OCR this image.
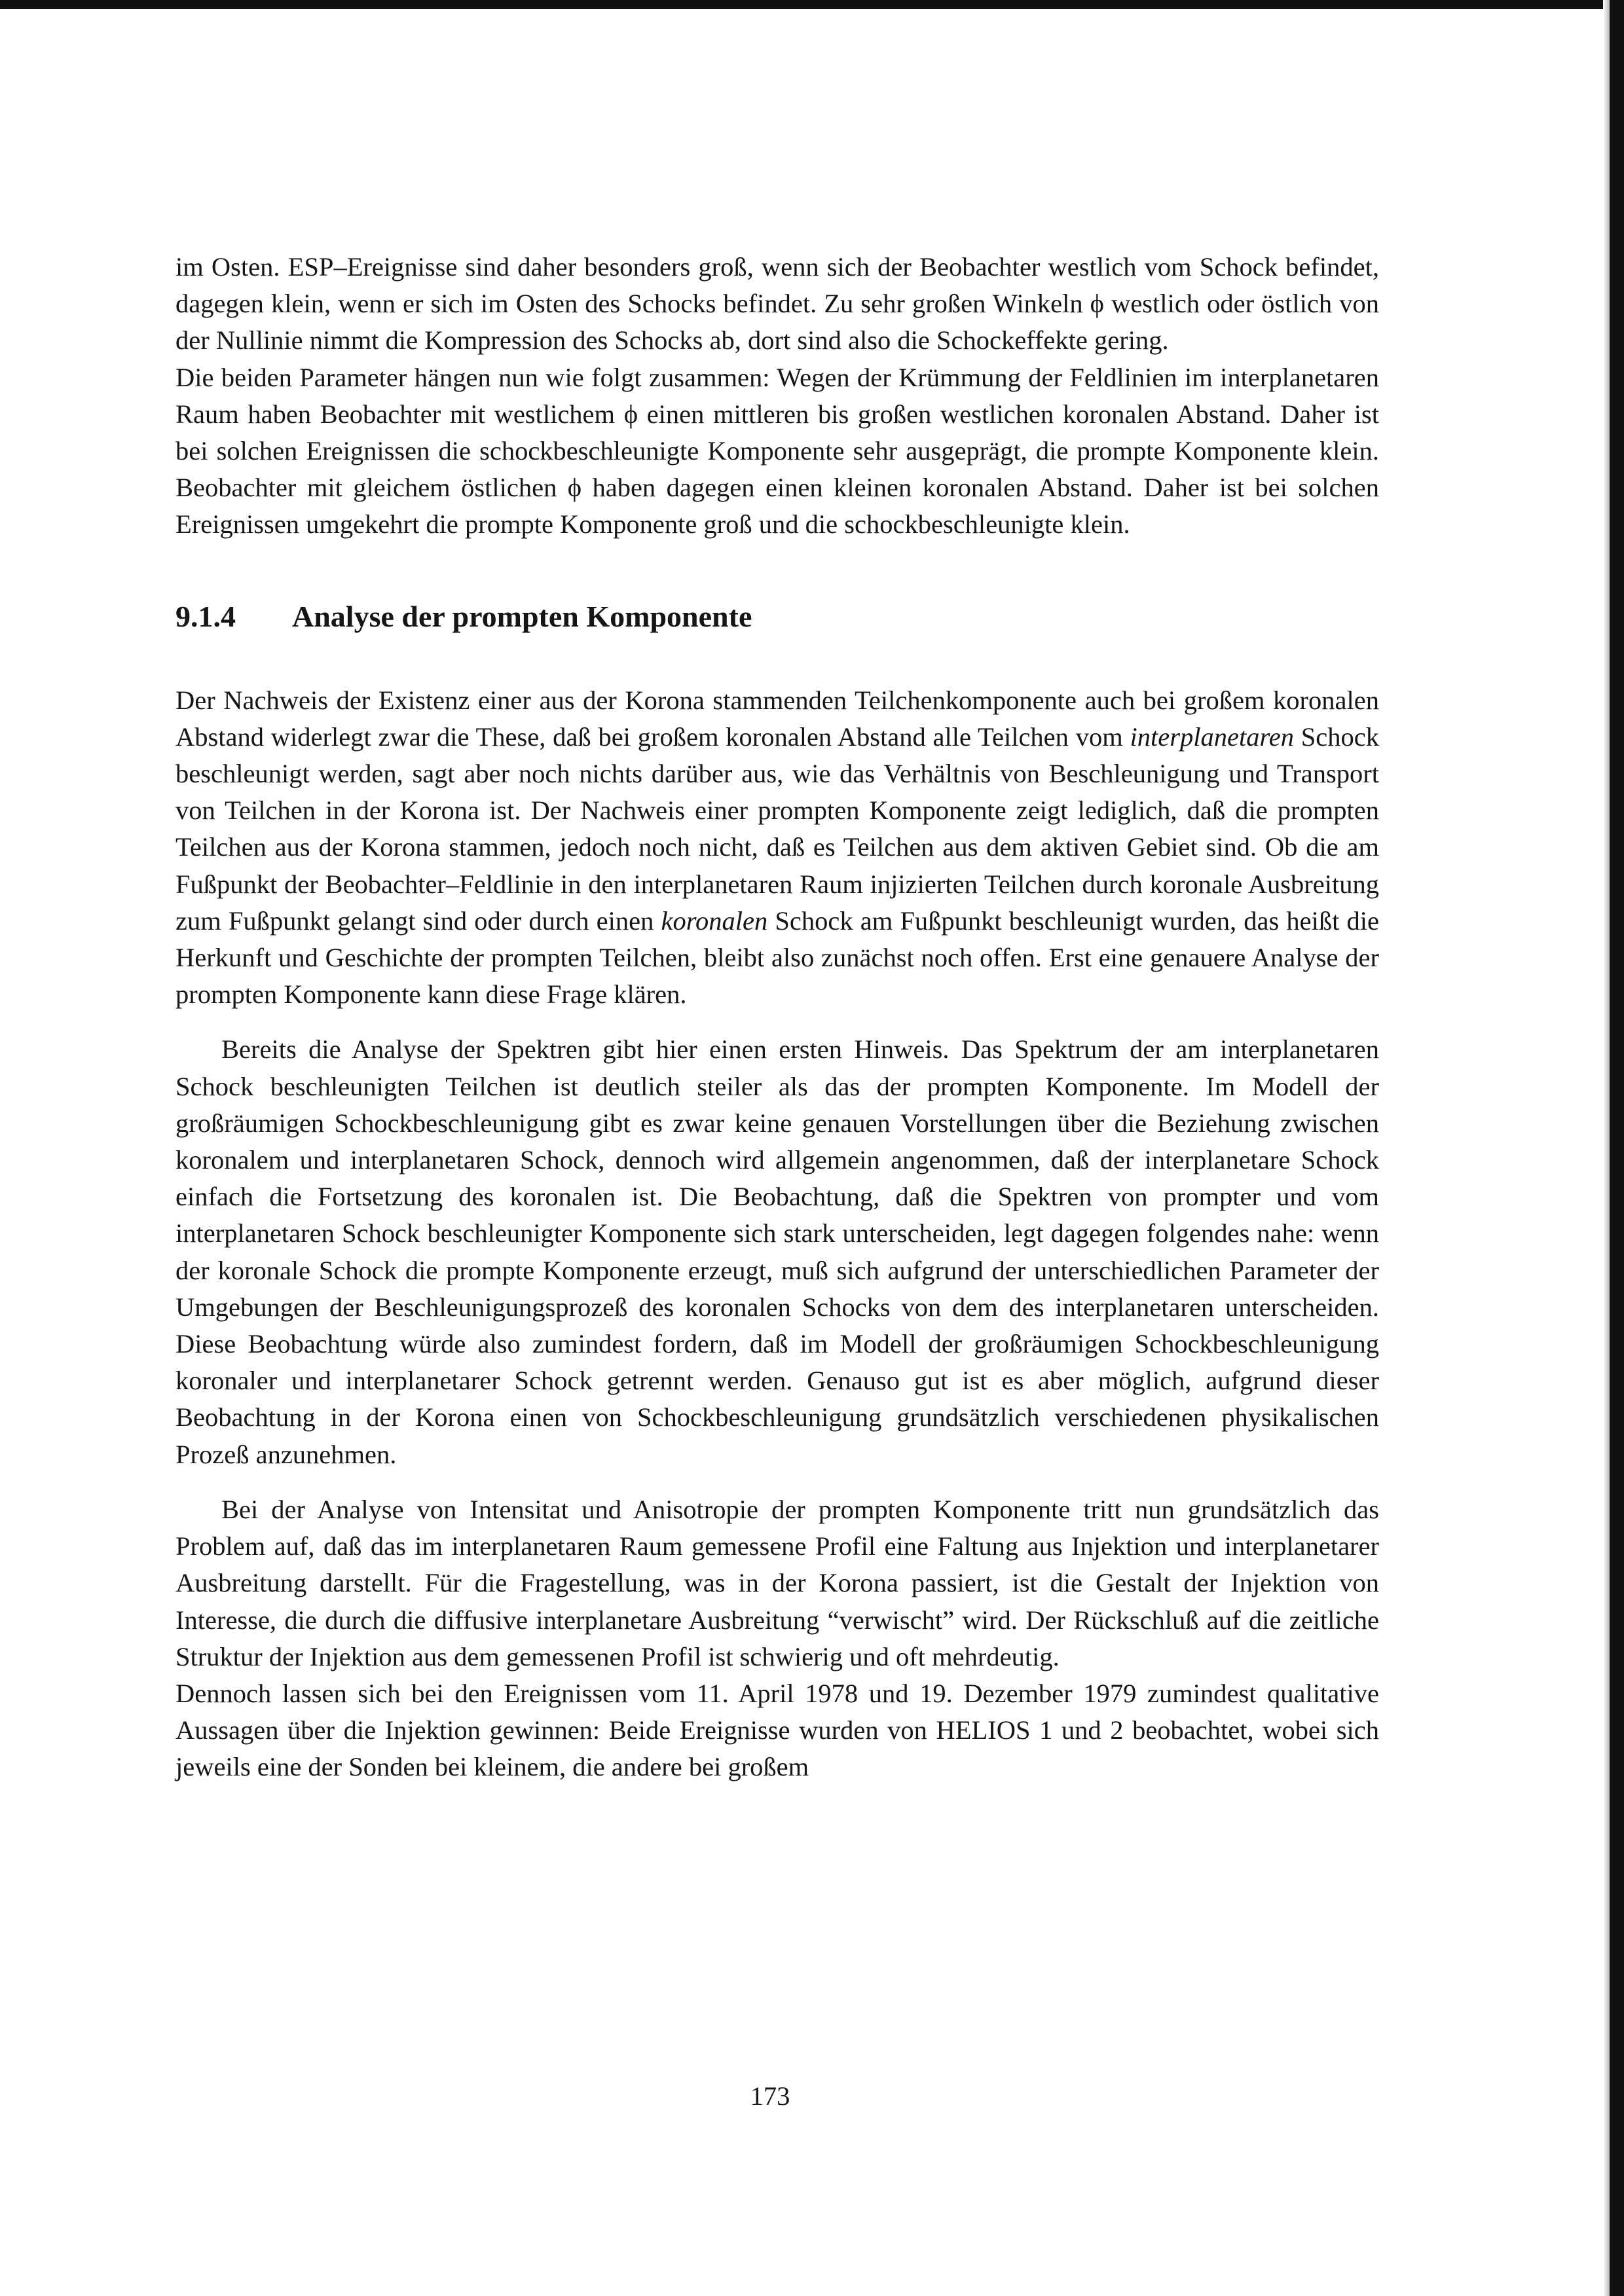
im Osten. ESP–Ereignisse sind daher besonders groß, wenn sich der Beobachter westlich vom Schock befindet, dagegen klein, wenn er sich im Osten des Schocks befindet. Zu sehr großen Winkeln ϕ westlich oder östlich von der Nullinie nimmt die Kompression des Schocks ab, dort sind also die Schockeffekte gering.

Die beiden Parameter hängen nun wie folgt zusammen: Wegen der Krümmung der Feldlinien im interplanetaren Raum haben Beobachter mit westlichem ϕ einen mittleren bis großen westlichen koronalen Abstand. Daher ist bei solchen Ereignissen die schockbeschleunigte Komponente sehr ausgeprägt, die prompte Komponente klein. Beobachter mit gleichem östlichen ϕ haben dagegen einen kleinen koronalen Abstand. Daher ist bei solchen Ereignissen umgekehrt die prompte Komponente groß und die schockbeschleunigte klein.

9.1.4 Analyse der prompten Komponente

Der Nachweis der Existenz einer aus der Korona stammenden Teilchenkomponente auch bei großem koronalen Abstand widerlegt zwar die These, daß bei großem koronalen Abstand alle Teilchen vom interplanetaren Schock beschleunigt werden, sagt aber noch nichts darüber aus, wie das Verhältnis von Beschleunigung und Transport von Teilchen in der Korona ist. Der Nachweis einer prompten Komponente zeigt lediglich, daß die prompten Teilchen aus der Korona stammen, jedoch noch nicht, daß es Teilchen aus dem aktiven Gebiet sind. Ob die am Fußpunkt der Beobachter–Feldlinie in den interplanetaren Raum injizierten Teilchen durch koronale Ausbreitung zum Fußpunkt gelangt sind oder durch einen koronalen Schock am Fußpunkt beschleunigt wurden, das heißt die Herkunft und Geschichte der prompten Teilchen, bleibt also zunächst noch offen. Erst eine genauere Analyse der prompten Komponente kann diese Frage klären.

Bereits die Analyse der Spektren gibt hier einen ersten Hinweis. Das Spektrum der am interplanetaren Schock beschleunigten Teilchen ist deutlich steiler als das der prompten Komponente. Im Modell der großräumigen Schockbeschleunigung gibt es zwar keine genauen Vorstellungen über die Beziehung zwischen koronalem und interplanetaren Schock, dennoch wird allgemein angenommen, daß der interplanetare Schock einfach die Fortsetzung des koronalen ist. Die Beobachtung, daß die Spektren von prompter und vom interplanetaren Schock beschleunigter Komponente sich stark unterscheiden, legt dagegen folgendes nahe: wenn der koronale Schock die prompte Komponente erzeugt, muß sich aufgrund der unterschiedlichen Parameter der Umgebungen der Beschleunigungsprozeß des koronalen Schocks von dem des interplanetaren unterscheiden. Diese Beobachtung würde also zumindest fordern, daß im Modell der großräumigen Schockbeschleunigung koronaler und interplanetarer Schock getrennt werden. Genauso gut ist es aber möglich, aufgrund dieser Beobachtung in der Korona einen von Schockbeschleunigung grundsätzlich verschiedenen physikalischen Prozeß anzunehmen.

Bei der Analyse von Intensitat und Anisotropie der prompten Komponente tritt nun grundsätzlich das Problem auf, daß das im interplanetaren Raum gemessene Profil eine Faltung aus Injektion und interplanetarer Ausbreitung darstellt. Für die Fragestellung, was in der Korona passiert, ist die Gestalt der Injektion von Interesse, die durch die diffusive interplanetare Ausbreitung “verwischt” wird. Der Rückschluß auf die zeitliche Struktur der Injektion aus dem gemessenen Profil ist schwierig und oft mehrdeutig.

Dennoch lassen sich bei den Ereignissen vom 11. April 1978 und 19. Dezember 1979 zumindest qualitative Aussagen über die Injektion gewinnen: Beide Ereignisse wurden von HELIOS 1 und 2 beobachtet, wobei sich jeweils eine der Sonden bei kleinem, die andere bei großem

173
